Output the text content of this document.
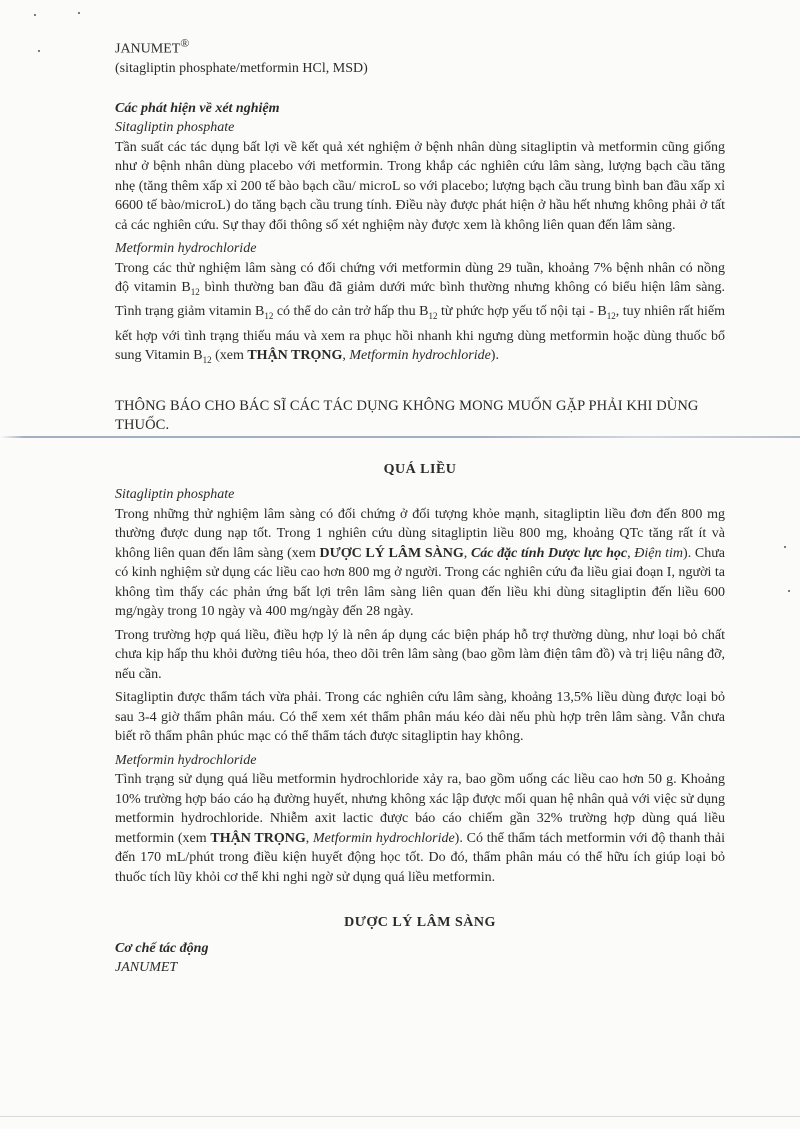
JANUMET®

(sitagliptin phosphate/metformin HCl, MSD)

Các phát hiện về xét nghiệm

Sitagliptin phosphate

Tần suất các tác dụng bất lợi về kết quả xét nghiệm ở bệnh nhân dùng sitagliptin và metformin cũng giống như ở bệnh nhân dùng placebo với metformin. Trong khắp các nghiên cứu lâm sàng, lượng bạch cầu tăng nhẹ (tăng thêm xấp xỉ 200 tế bào bạch cầu/ microL so với placebo; lượng bạch cầu trung bình ban đầu xấp xỉ 6600 tế bào/microL) do tăng bạch cầu trung tính. Điều này được phát hiện ở hầu hết nhưng không phải ở tất cả các nghiên cứu. Sự thay đổi thông số xét nghiệm này được xem là không liên quan đến lâm sàng.

Metformin hydrochloride

Trong các thử nghiệm lâm sàng có đối chứng với metformin dùng 29 tuần, khoảng 7% bệnh nhân có nồng độ vitamin $B_{12}$ bình thường ban đầu đã giảm dưới mức bình thường nhưng không có biểu hiện lâm sàng. Tình trạng giảm vitamin $B_{12}$ có thể do cản trở hấp thu $B_{12}$ từ phức hợp yếu tố nội tại - $B_{12}$, tuy nhiên rất hiếm kết hợp với tình trạng thiếu máu và xem ra phục hồi nhanh khi ngưng dùng metformin hoặc dùng thuốc bổ sung Vitamin $B_{12}$ (xem THẬN TRỌNG, Metformin hydrochloride).

THÔNG BÁO CHO BÁC SĨ CÁC TÁC DỤNG KHÔNG MONG MUỐN GẶP PHẢI KHI DÙNG THUỐC.

QUÁ LIỀU

Sitagliptin phosphate

Trong những thử nghiệm lâm sàng có đối chứng ở đối tượng khỏe mạnh, sitagliptin liều đơn đến 800 mg thường được dung nạp tốt. Trong 1 nghiên cứu dùng sitagliptin liều 800 mg, khoảng QTc tăng rất ít và không liên quan đến lâm sàng (xem DƯỢC LÝ LÂM SÀNG, Các đặc tính Dược lực học, Điện tim). Chưa có kinh nghiệm sử dụng các liều cao hơn 800 mg ở người. Trong các nghiên cứu đa liều giai đoạn I, người ta không tìm thấy các phản ứng bất lợi trên lâm sàng liên quan đến liều khi dùng sitagliptin đến liều 600 mg/ngày trong 10 ngày và 400 mg/ngày đến 28 ngày.

Trong trường hợp quá liều, điều hợp lý là nên áp dụng các biện pháp hỗ trợ thường dùng, như loại bỏ chất chưa kịp hấp thu khỏi đường tiêu hóa, theo dõi trên lâm sàng (bao gồm làm điện tâm đồ) và trị liệu nâng đỡ, nếu cần.

Sitagliptin được thẩm tách vừa phải. Trong các nghiên cứu lâm sàng, khoảng 13,5% liều dùng được loại bỏ sau 3-4 giờ thẩm phân máu. Có thể xem xét thẩm phân máu kéo dài nếu phù hợp trên lâm sàng. Vẫn chưa biết rõ thẩm phân phúc mạc có thể thẩm tách được sitagliptin hay không.

Metformin hydrochloride

Tình trạng sử dụng quá liều metformin hydrochloride xảy ra, bao gồm uống các liều cao hơn 50 g. Khoảng 10% trường hợp báo cáo hạ đường huyết, nhưng không xác lập được mối quan hệ nhân quả với việc sử dụng metformin hydrochloride. Nhiễm axit lactic được báo cáo chiếm gần 32% trường hợp dùng quá liều metformin (xem THẬN TRỌNG, Metformin hydrochloride). Có thể thẩm tách metformin với độ thanh thải đến 170 mL/phút trong điều kiện huyết động học tốt. Do đó, thẩm phân máu có thể hữu ích giúp loại bỏ thuốc tích lũy khỏi cơ thể khi nghi ngờ sử dụng quá liều metformin.

DƯỢC LÝ LÂM SÀNG

Cơ chế tác động

JANUMET
